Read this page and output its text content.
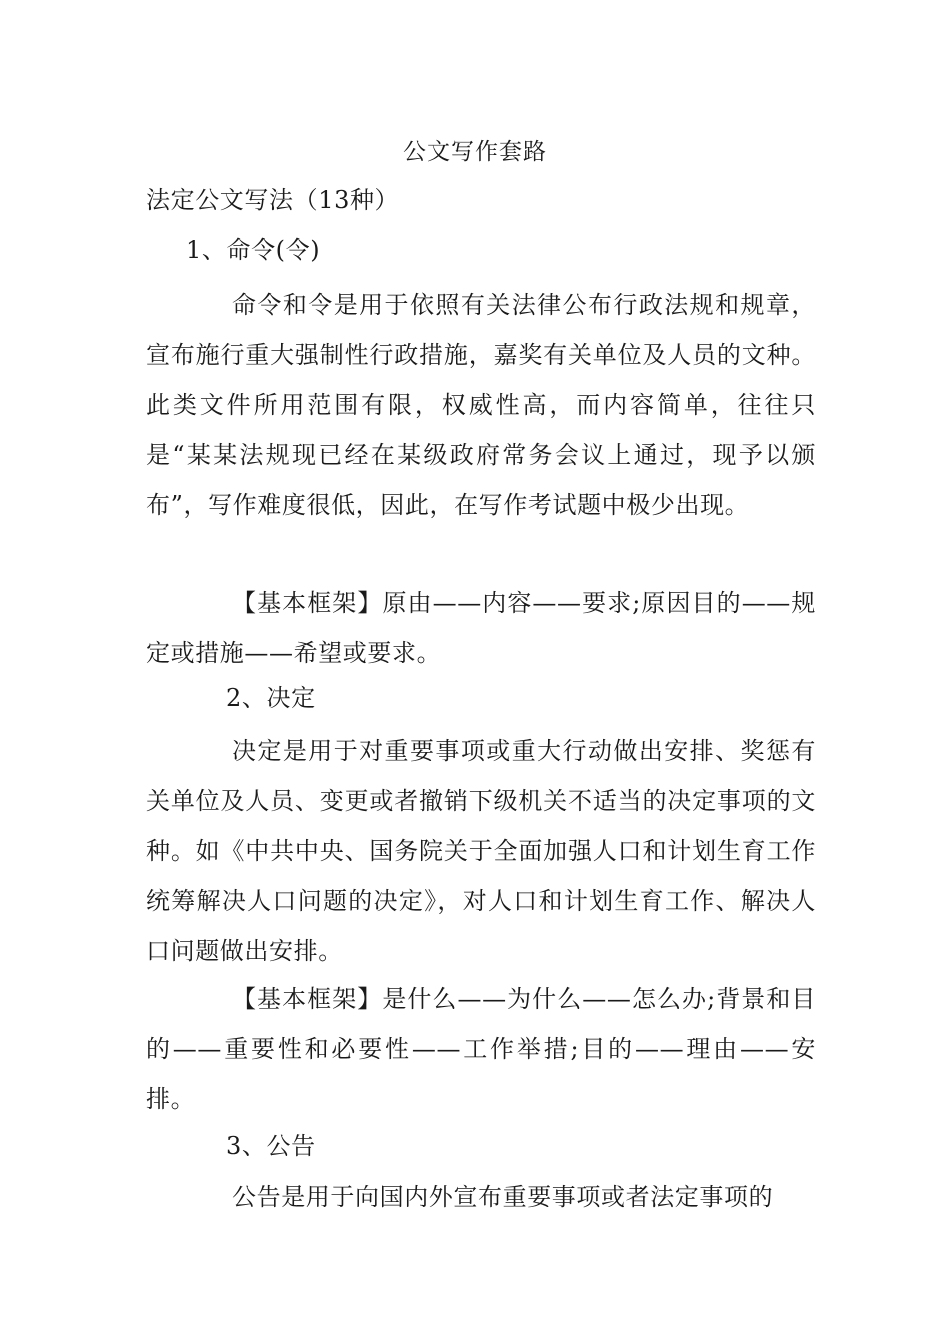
公文写作套路
法定公文写法（13种）
1、命令(令)
命令和令是用于依照有关法律公布行政法规和规章，宣布施行重大强制性行政措施，嘉奖有关单位及人员的文种。此类文件所用范围有限，权威性高，而内容简单，往往只是“某某法规现已经在某级政府常务会议上通过，现予以颁布”，写作难度很低，因此，在写作考试题中极少出现。
【基本框架】原由——内容——要求;原因目的——规定或措施——希望或要求。
2、决定
决定是用于对重要事项或重大行动做出安排、奖惩有关单位及人员、变更或者撤销下级机关不适当的决定事项的文种。如《中共中央、国务院关于全面加强人口和计划生育工作统筹解决人口问题的决定》，对人口和计划生育工作、解决人口问题做出安排。
【基本框架】是什么——为什么——怎么办;背景和目的——重要性和必要性——工作举措;目的——理由——安排。
3、公告
公告是用于向国内外宣布重要事项或者法定事项的
